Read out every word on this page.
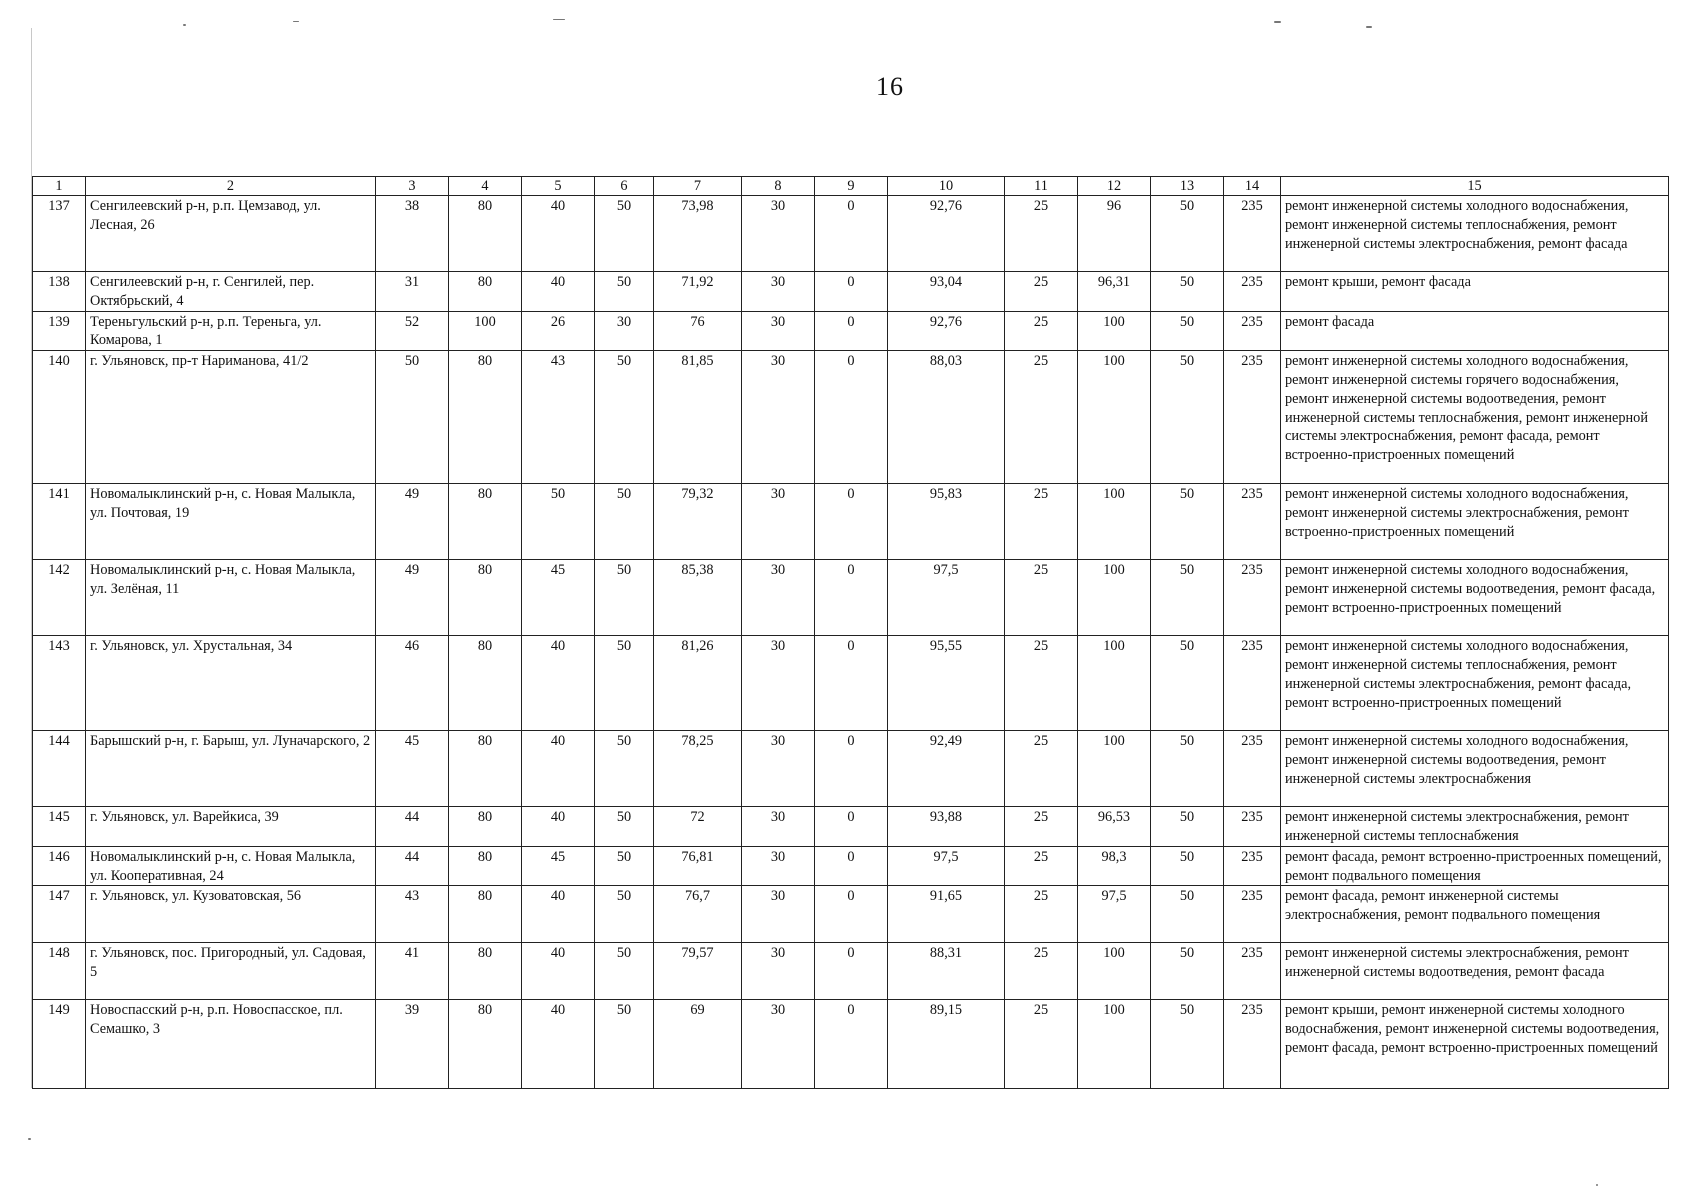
16
1	2	3	4	5	6	7	8	9	10	11	12	13	14	15
137	Сенгилеевский р-н, р.п. Цемзавод, ул. Лесная, 26	38	80	40	50	73,98	30	0	92,76	25	96	50	235	ремонт инженерной системы холодного водоснабжения, ремонт инженерной системы теплоснабжения, ремонт инженерной системы электроснабжения, ремонт фасада
138	Сенгилеевский р-н, г. Сенгилей, пер. Октябрьский, 4	31	80	40	50	71,92	30	0	93,04	25	96,31	50	235	ремонт крыши, ремонт фасада
139	Тереньгульский р-н, р.п. Тереньга, ул. Комарова, 1	52	100	26	30	76	30	0	92,76	25	100	50	235	ремонт фасада
140	г. Ульяновск, пр-т Нариманова, 41/2	50	80	43	50	81,85	30	0	88,03	25	100	50	235	ремонт инженерной системы холодного водоснабжения, ремонт инженерной системы горячего водоснабжения, ремонт инженерной системы водоотведения, ремонт инженерной системы теплоснабжения, ремонт инженерной системы электроснабжения, ремонт фасада, ремонт встроенно-пристроенных помещений
141	Новомалыклинский р-н, с. Новая Малыкла, ул. Почтовая, 19	49	80	50	50	79,32	30	0	95,83	25	100	50	235	ремонт инженерной системы холодного водоснабжения, ремонт инженерной системы электроснабжения, ремонт встроенно-пристроенных помещений
142	Новомалыклинский р-н, с. Новая Малыкла, ул. Зелёная, 11	49	80	45	50	85,38	30	0	97,5	25	100	50	235	ремонт инженерной системы холодного водоснабжения, ремонт инженерной системы водоотведения, ремонт фасада, ремонт встроенно-пристроенных помещений
143	г. Ульяновск, ул. Хрустальная, 34	46	80	40	50	81,26	30	0	95,55	25	100	50	235	ремонт инженерной системы холодного водоснабжения, ремонт инженерной системы теплоснабжения, ремонт инженерной системы электроснабжения, ремонт фасада, ремонт встроенно-пристроенных помещений
144	Барышский р-н, г. Барыш, ул. Луначарского, 2	45	80	40	50	78,25	30	0	92,49	25	100	50	235	ремонт инженерной системы холодного водоснабжения, ремонт инженерной системы водоотведения, ремонт инженерной системы электроснабжения
145	г. Ульяновск, ул. Варейкиса, 39	44	80	40	50	72	30	0	93,88	25	96,53	50	235	ремонт инженерной системы электроснабжения, ремонт инженерной системы теплоснабжения
146	Новомалыклинский р-н, с. Новая Малыкла, ул. Кооперативная, 24	44	80	45	50	76,81	30	0	97,5	25	98,3	50	235	ремонт фасада, ремонт встроенно-пристроенных помещений, ремонт подвального помещения
147	г. Ульяновск, ул. Кузоватовская, 56	43	80	40	50	76,7	30	0	91,65	25	97,5	50	235	ремонт фасада, ремонт инженерной системы электроснабжения, ремонт подвального помещения
148	г. Ульяновск, пос. Пригородный, ул. Садовая, 5	41	80	40	50	79,57	30	0	88,31	25	100	50	235	ремонт инженерной системы электроснабжения, ремонт инженерной системы водоотведения, ремонт фасада
149	Новоспасский р-н, р.п. Новоспасское, пл. Семашко, 3	39	80	40	50	69	30	0	89,15	25	100	50	235	ремонт крыши, ремонт инженерной системы холодного водоснабжения, ремонт инженерной системы водоотведения, ремонт фасада, ремонт встроенно-пристроенных помещений
